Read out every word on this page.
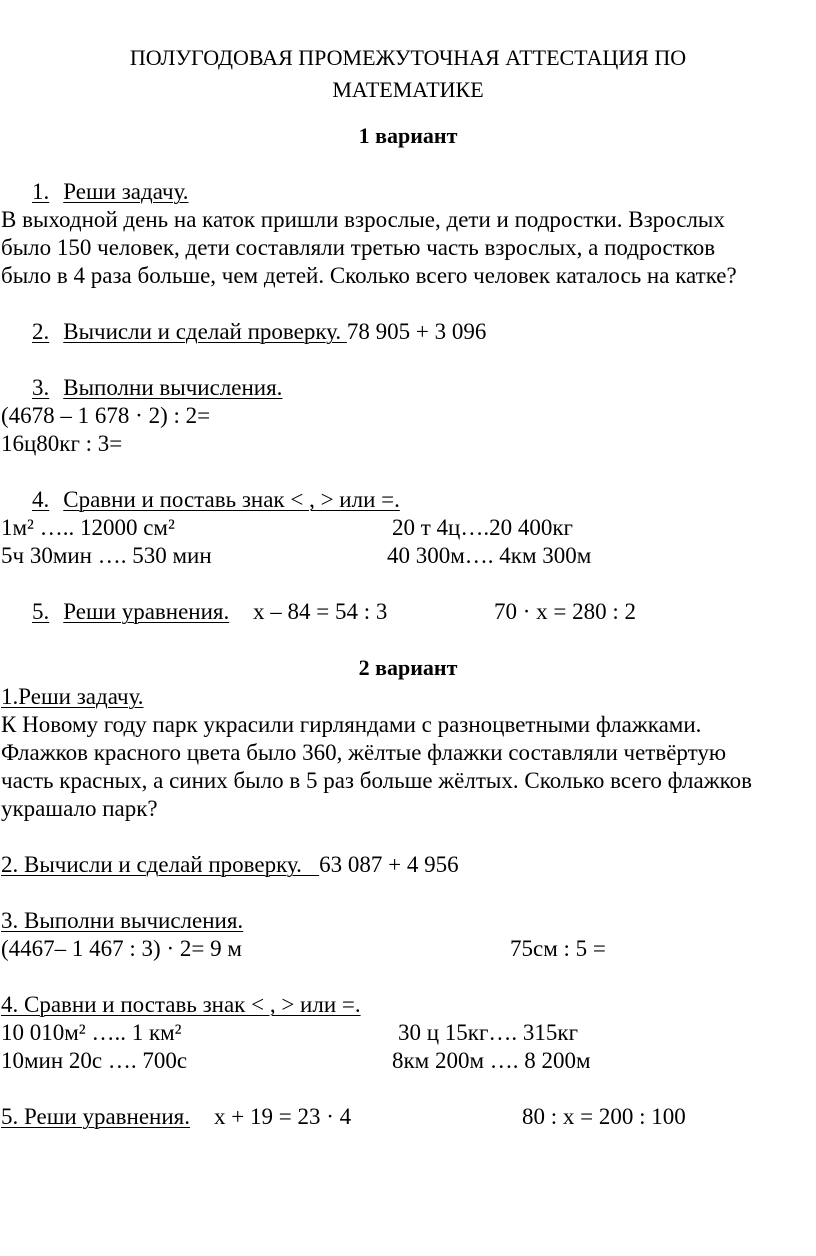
ПОЛУГОДОВАЯ ПРОМЕЖУТОЧНАЯ АТТЕСТАЦИЯ ПО
МАТЕМАТИКЕ
1 вариант
1. Реши задачу.
В выходной день на каток пришли взрослые, дети и подростки. Взрослых
было 150 человек, дети составляли третью часть взрослых, а подростков
было в 4 раза больше, чем детей. Сколько всего человек каталось на катке?
2. Вычисли и сделай проверку. 78 905 + 3 096
3. Выполни вычисления.
(4678 – 1 678 · 2) : 2=
16ц80кг : 3=
4. Сравни и поставь знак < , > или =.
1м² ….. 12000 см²	20 т 4ц….20 400кг
5ч 30мин …. 530 мин	40 300м…. 4км 300м
5. Реши уравнения. х – 84 = 54 : 3	70 · х = 280 : 2
2 вариант
1.Реши задачу.
К Новому году парк украсили гирляндами с разноцветными флажками.
Флажков красного цвета было 360, жёлтые флажки составляли четвёртую
часть красных, а синих было в 5 раз больше жёлтых. Сколько всего флажков
украшало парк?
2. Вычисли и сделай проверку.   63 087 + 4 956
3. Выполни вычисления.
(4467– 1 467 : 3) · 2= 9 м	75см : 5 =
4. Сравни и поставь знак < , > или =.
10 010м² ….. 1 км²	30 ц 15кг…. 315кг
10мин 20с …. 700с	8км 200м …. 8 200м
5. Реши уравнения. х + 19 = 23 · 4	80 : х = 200 : 100
